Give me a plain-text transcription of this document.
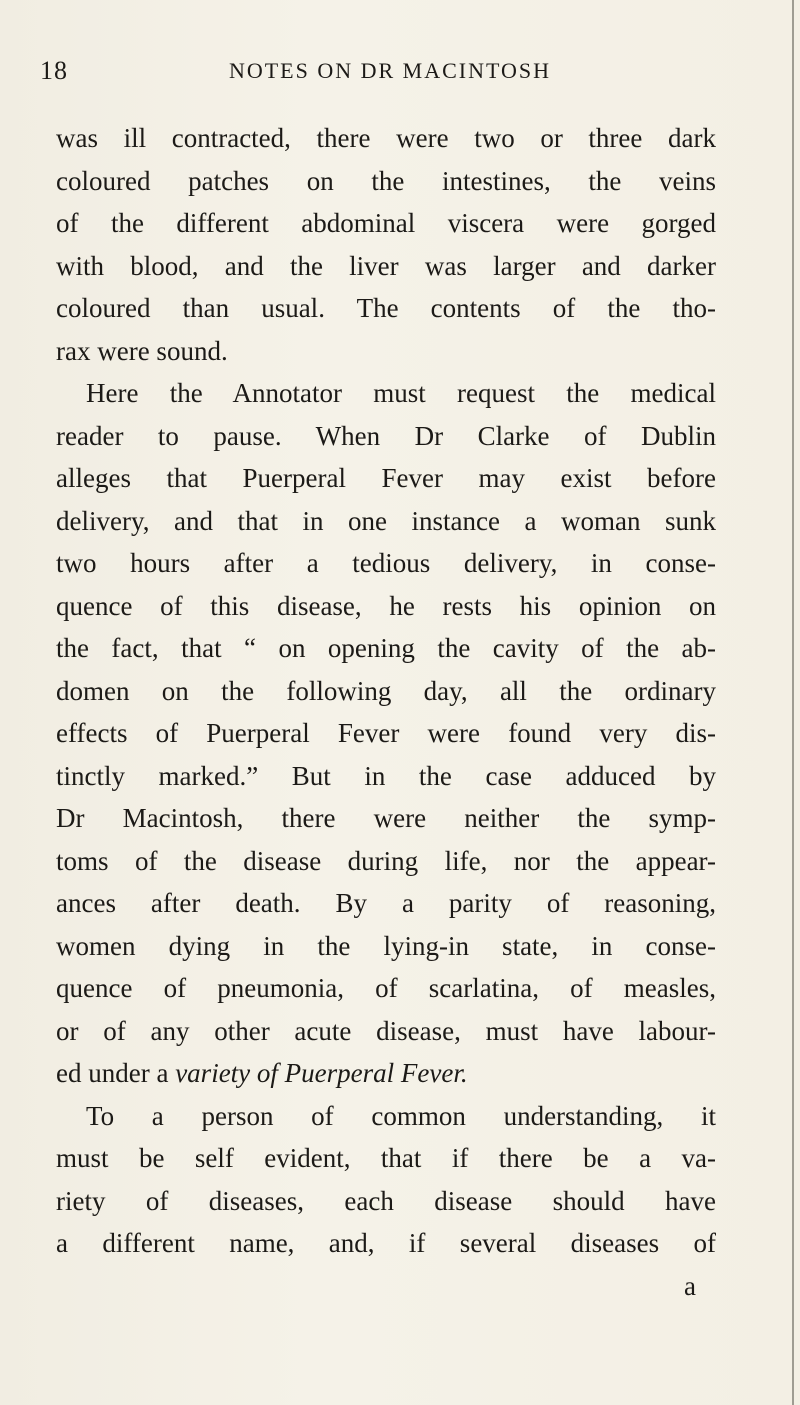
18	NOTES ON DR MACINTOSH
was ill contracted, there were two or three dark
coloured patches on the intestines, the veins
of the different abdominal viscera were gorged
with blood, and the liver was larger and darker
coloured than usual. The contents of the tho-
rax were sound.
Here the Annotator must request the medical
reader to pause. When Dr Clarke of Dublin
alleges that Puerperal Fever may exist before
delivery, and that in one instance a woman sunk
two hours after a tedious delivery, in conse-
quence of this disease, he rests his opinion on
the fact, that “ on opening the cavity of the ab-
domen on the following day, all the ordinary
effects of Puerperal Fever were found very dis-
tinctly marked.” But in the case adduced by
Dr Macintosh, there were neither the symp-
toms of the disease during life, nor the appear-
ances after death. By a parity of reasoning,
women dying in the lying-in state, in conse-
quence of pneumonia, of scarlatina, of measles,
or of any other acute disease, must have labour-
ed under a variety of Puerperal Fever.
To a person of common understanding, it
must be self evident, that if there be a va-
riety of diseases, each disease should have
a different name, and, if several diseases of
a
